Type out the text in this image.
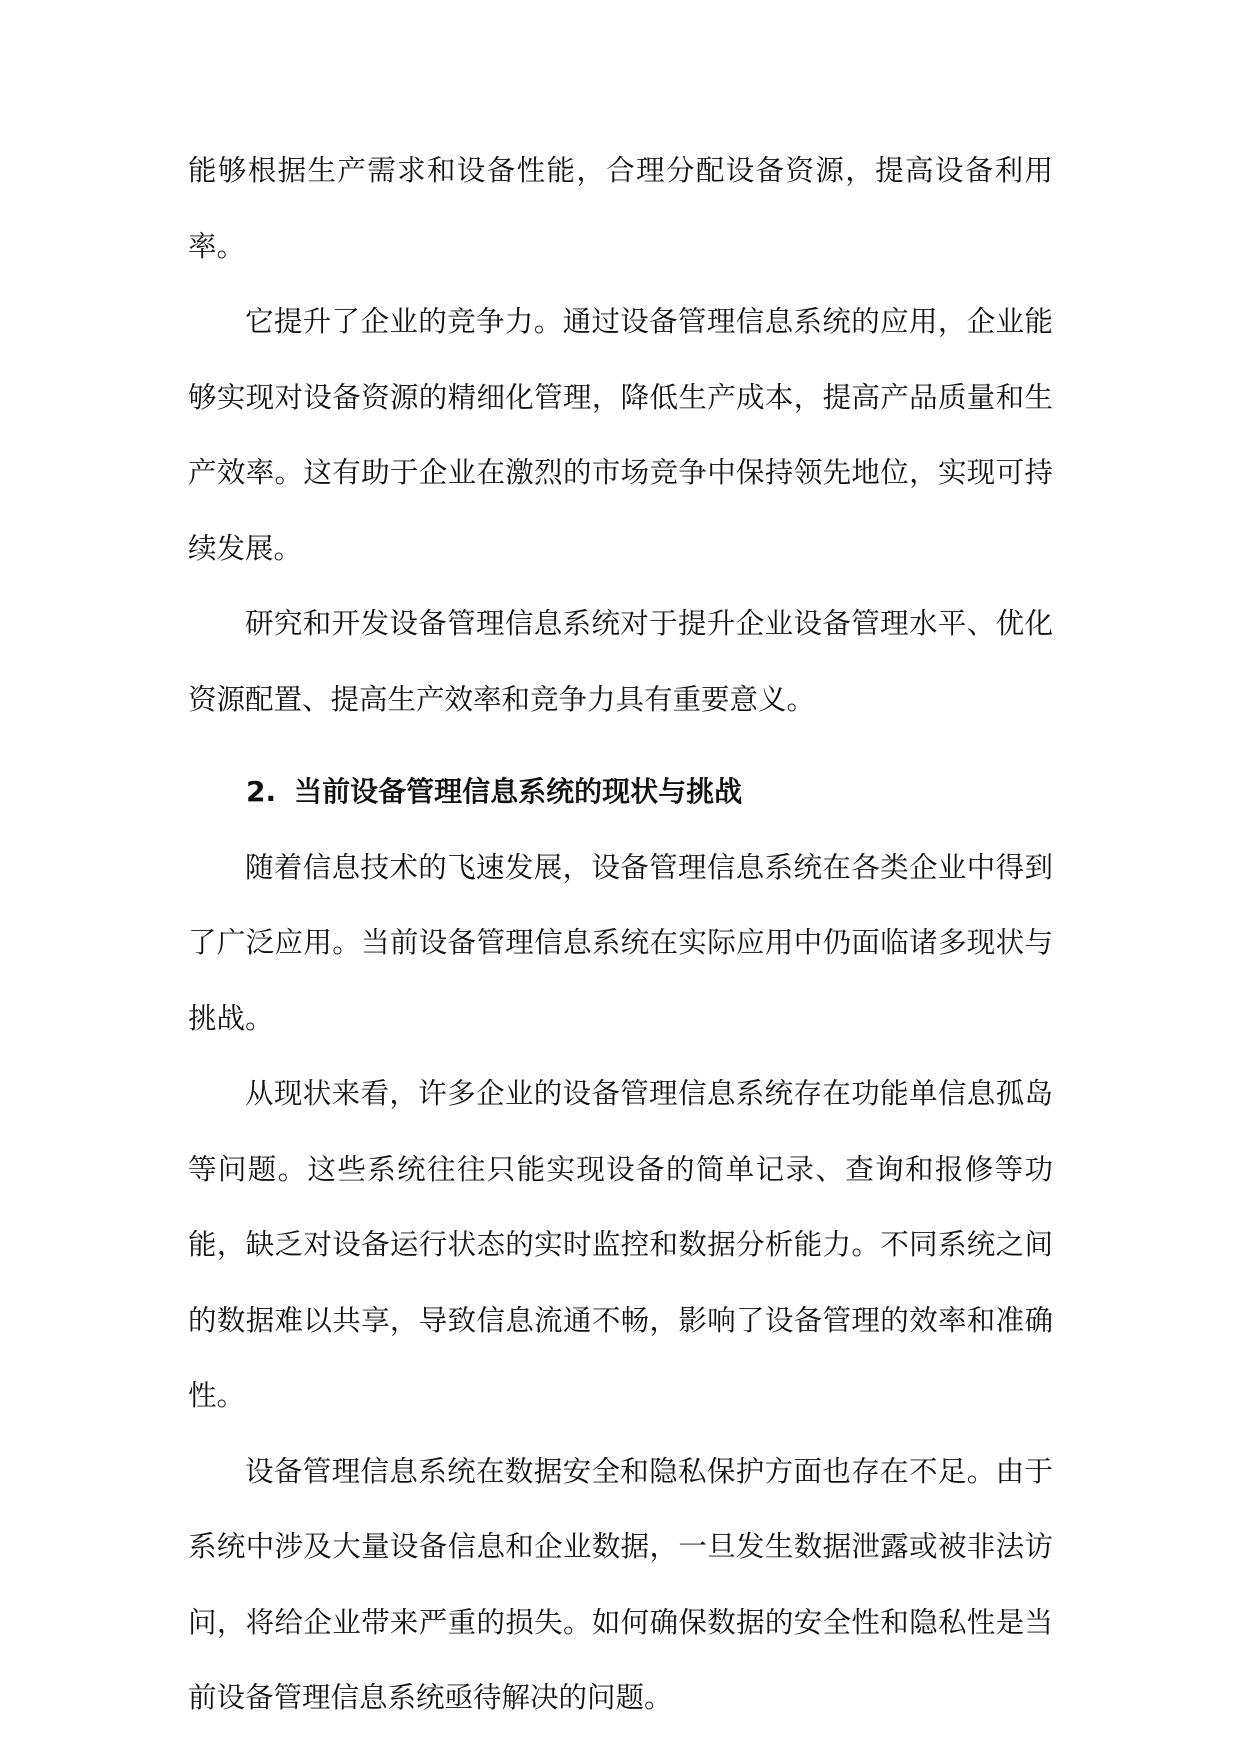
能够根据生产需求和设备性能，合理分配设备资源，提高设备利用率。

它提升了企业的竞争力。通过设备管理信息系统的应用，企业能够实现对设备资源的精细化管理，降低生产成本，提高产品质量和生产效率。这有助于企业在激烈的市场竞争中保持领先地位，实现可持续发展。

研究和开发设备管理信息系统对于提升企业设备管理水平、优化资源配置、提高生产效率和竞争力具有重要意义。

2. 当前设备管理信息系统的现状与挑战

随着信息技术的飞速发展，设备管理信息系统在各类企业中得到了广泛应用。当前设备管理信息系统在实际应用中仍面临诸多现状与挑战。

从现状来看，许多企业的设备管理信息系统存在功能单信息孤岛等问题。这些系统往往只能实现设备的简单记录、查询和报修等功能，缺乏对设备运行状态的实时监控和数据分析能力。不同系统之间的数据难以共享，导致信息流通不畅，影响了设备管理的效率和准确性。

设备管理信息系统在数据安全和隐私保护方面也存在不足。由于系统中涉及大量设备信息和企业数据，一旦发生数据泄露或被非法访问，将给企业带来严重的损失。如何确保数据的安全性和隐私性是当前设备管理信息系统亟待解决的问题。
